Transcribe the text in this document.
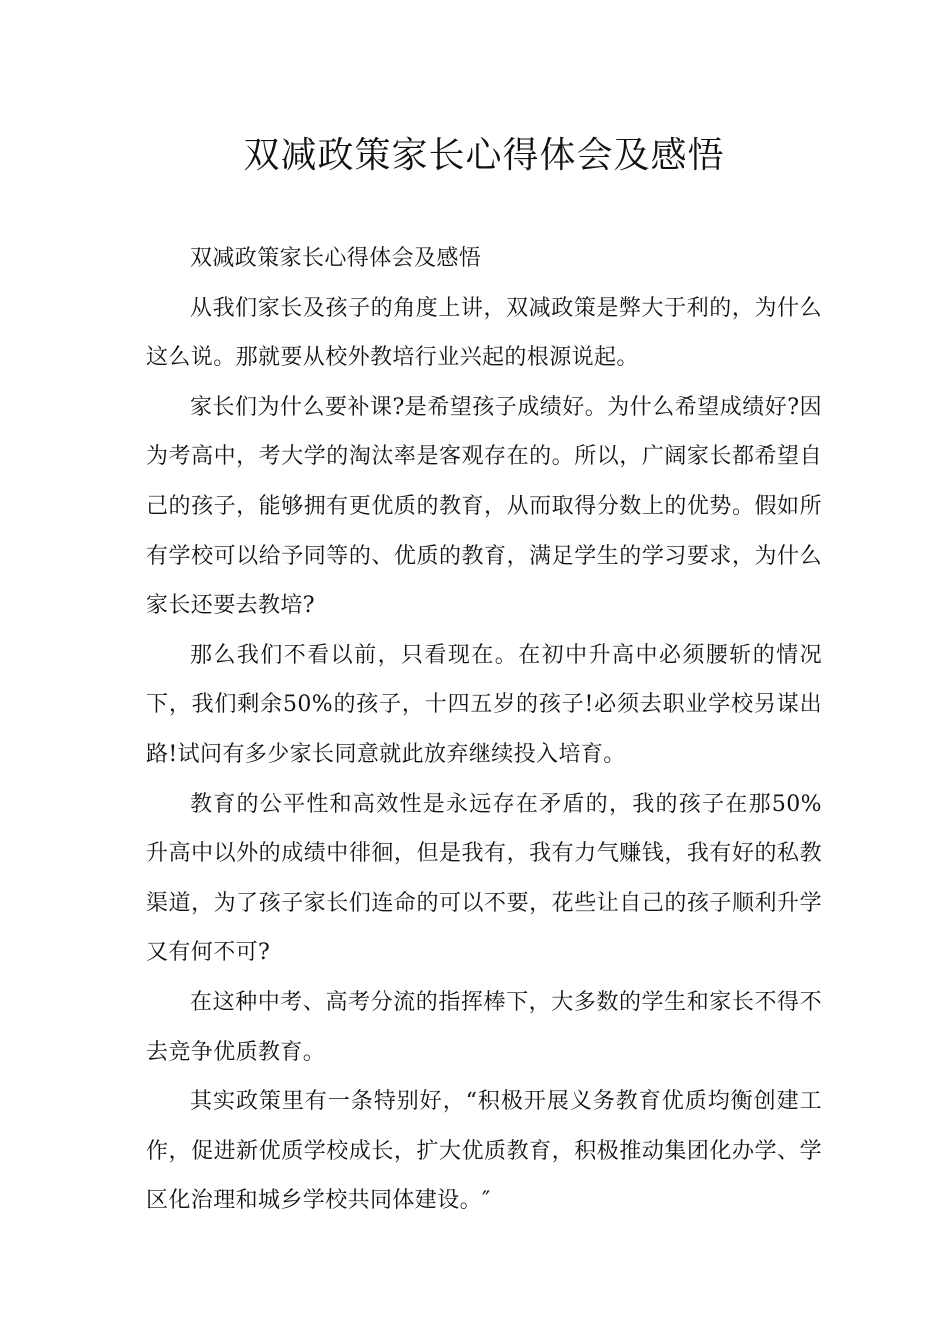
双减政策家长心得体会及感悟

双减政策家长心得体会及感悟

从我们家长及孩子的角度上讲，双减政策是弊大于利的，为什么这么说。那就要从校外教培行业兴起的根源说起。

家长们为什么要补课?是希望孩子成绩好。为什么希望成绩好?因为考高中，考大学的淘汰率是客观存在的。所以，广阔家长都希望自己的孩子，能够拥有更优质的教育，从而取得分数上的优势。假如所有学校可以给予同等的、优质的教育，满足学生的学习要求，为什么家长还要去教培?

那么我们不看以前，只看现在。在初中升高中必须腰斩的情况下，我们剩余50%的孩子，十四五岁的孩子!必须去职业学校另谋出路!试问有多少家长同意就此放弃继续投入培育。

教育的公平性和高效性是永远存在矛盾的，我的孩子在那50%升高中以外的成绩中徘徊，但是我有，我有力气赚钱，我有好的私教渠道，为了孩子家长们连命的可以不要，花些让自己的孩子顺利升学又有何不可?

在这种中考、高考分流的指挥棒下，大多数的学生和家长不得不去竞争优质教育。

其实政策里有一条特别好，“积极开展义务教育优质均衡创建工作，促进新优质学校成长，扩大优质教育，积极推动集团化办学、学区化治理和城乡学校共同体建设。″
